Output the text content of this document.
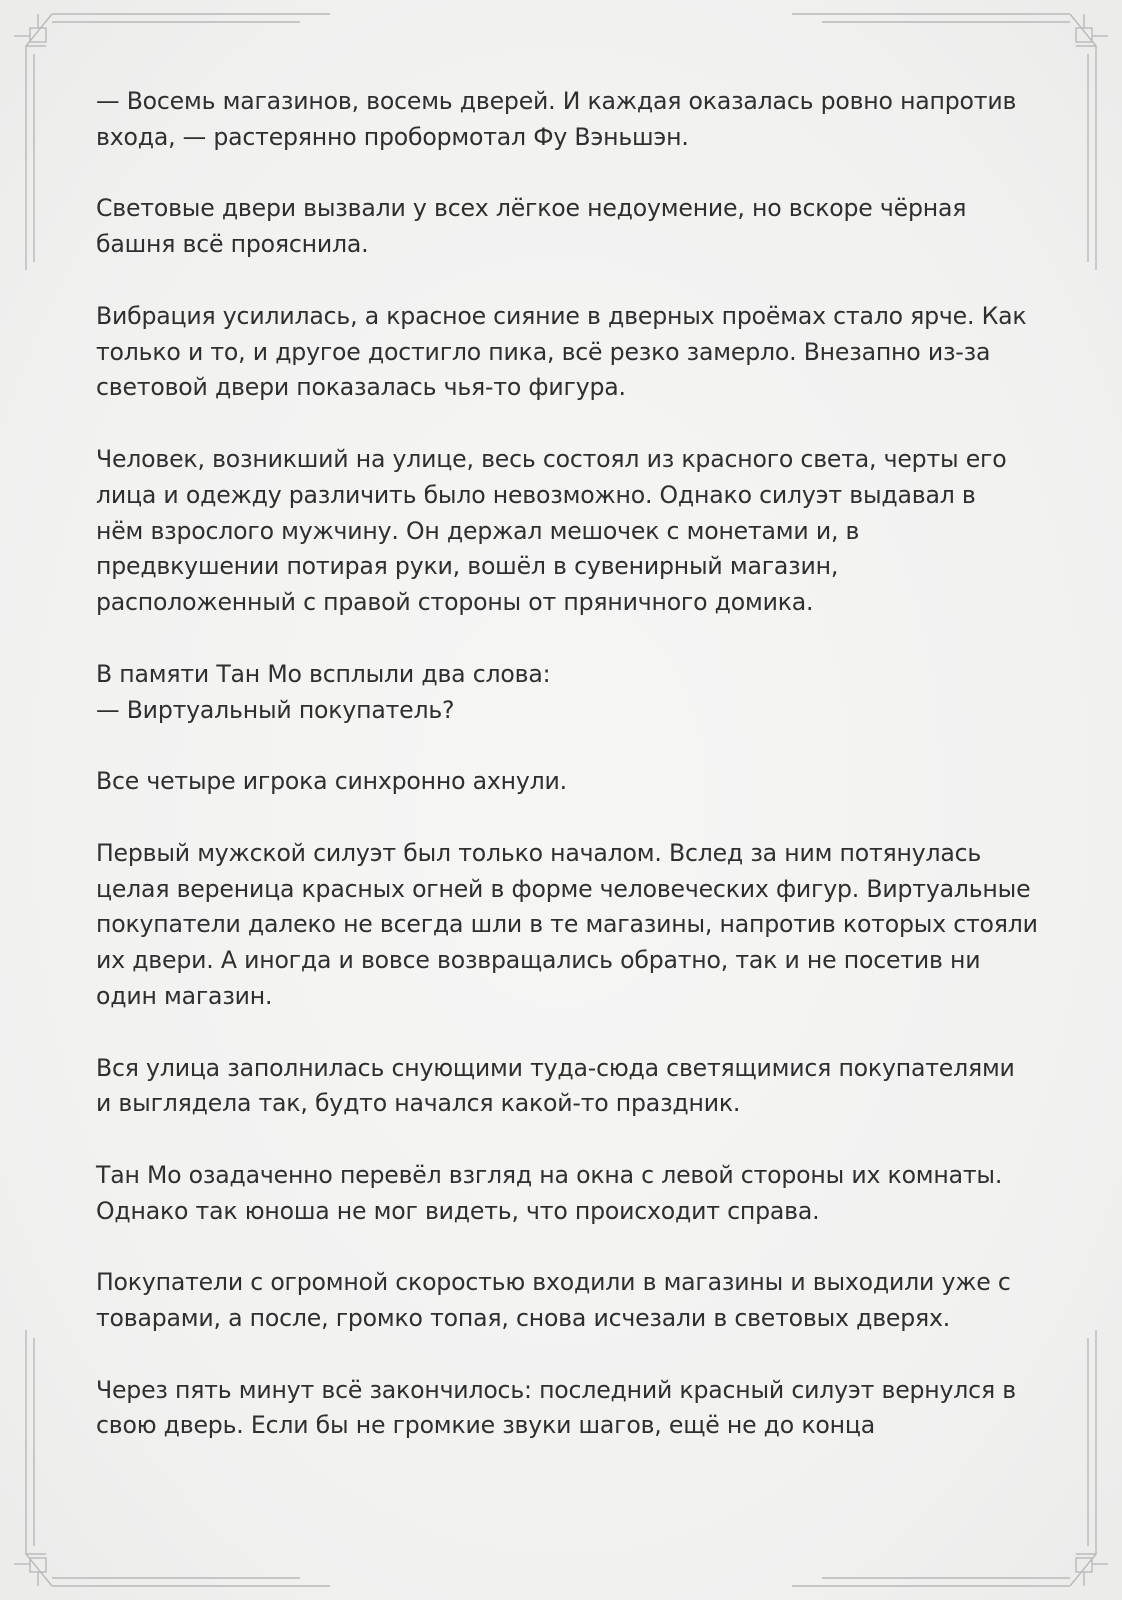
— Восемь магазинов, восемь дверей. И каждая оказалась ровно напротив
входа, — растерянно пробормотал Фу Вэньшэн.

Световые двери вызвали у всех лёгкое недоумение, но вскоре чёрная
башня всё прояснила.

Вибрация усилилась, а красное сияние в дверных проёмах стало ярче. Как
только и то, и другое достигло пика, всё резко замерло. Внезапно из-за
световой двери показалась чья-то фигура.

Человек, возникший на улице, весь состоял из красного света, черты его
лица и одежду различить было невозможно. Однако силуэт выдавал в
нём взрослого мужчину. Он держал мешочек с монетами и, в
предвкушении потирая руки, вошёл в сувенирный магазин,
расположенный с правой стороны от пряничного домика.

В памяти Тан Мо всплыли два слова:
— Виртуальный покупатель?

Все четыре игрока синхронно ахнули.

Первый мужской силуэт был только началом. Вслед за ним потянулась
целая вереница красных огней в форме человеческих фигур. Виртуальные
покупатели далеко не всегда шли в те магазины, напротив которых стояли
их двери. А иногда и вовсе возвращались обратно, так и не посетив ни
один магазин.

Вся улица заполнилась снующими туда-сюда светящимися покупателями
и выглядела так, будто начался какой-то праздник.

Тан Мо озадаченно перевёл взгляд на окна с левой стороны их комнаты.
Однако так юноша не мог видеть, что происходит справа.

Покупатели с огромной скоростью входили в магазины и выходили уже с
товарами, а после, громко топая, снова исчезали в световых дверях.

Через пять минут всё закончилось: последний красный силуэт вернулся в
свою дверь. Если бы не громкие звуки шагов, ещё не до конца
